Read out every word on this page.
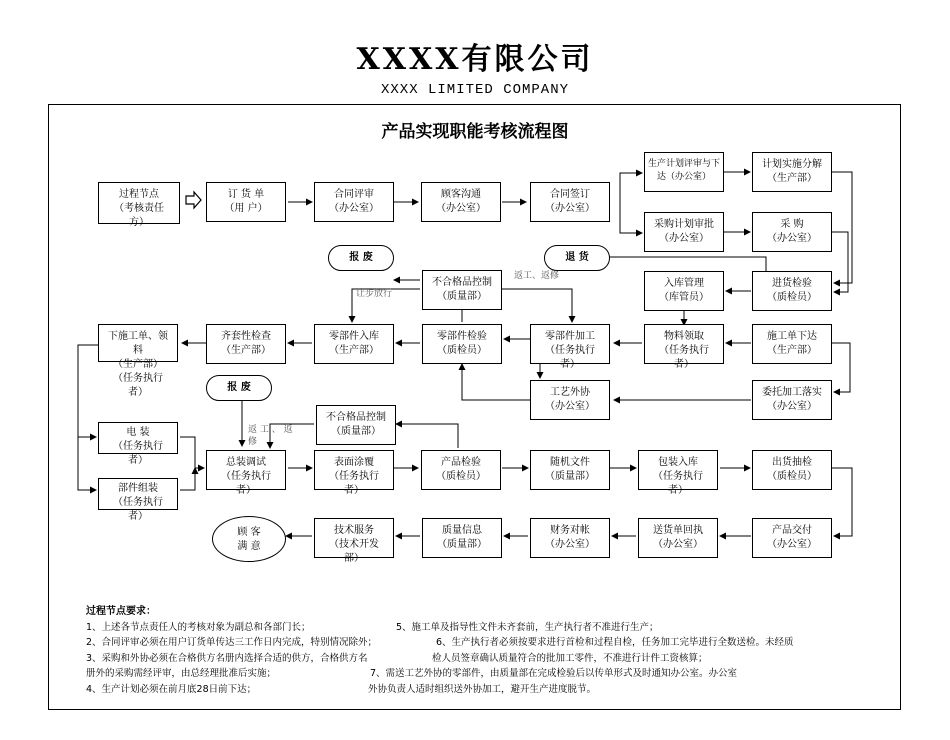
XXXX有限公司
XXXX LIMITED COMPANY
产品实现职能考核流程图
过程节点
（考核责任
方）
订 货 单
（用 户）
合同评审
（办公室）
顾客沟通
（办公室）
合同签订
（办公室）
生产计划评审与下
达（办公室）
计划实施分解
（生产部）
采购计划审批
（办公室）
采 购
（办公室）
报 废	退 货
不合格品控制
（质量部）
入库管理
（库管员）
进货检验
（质检员）
返工、返修
让步放行
下施工单、领
料
（生产部）
（任务执行
者）
齐套性检查
（生产部）
零部件入库
（生产部）
零部件检验
（质检员）
零部件加工
（任务执行
者）
物料领取
（任务执行
者）
施工单下达
（生产部）
工艺外协
（办公室）
委托加工落实
（办公室）
报 废
不合格品控制
（质量部）
返 工 、 返
修
电 装
（任务执行
者）
部件组装
（任务执行
者）
总装调试
（任务执行
者）
表面涂覆
（任务执行
者）
产品检验
（质检员）
随机文件
（质量部）
包装入库
（任务执行
者）
出货抽检
（质检员）
顾 客
满 意
技术服务
（技术开发
部）
质量信息
（质量部）
财务对帐
（办公室）
送货单回执
（办公室）
产品交付
（办公室）
过程节点要求：
1、上述各节点责任人的考核对象为副总和各部门长；	5、施工单及指导性文件未齐套前，生产执行者不准进行生产；
2、合同评审必须在用户订货单传达三工作日内完成，特别情况除外；	6、生产执行者必须按要求进行首检和过程自检，任务加工完毕进行全数送检。未经质
3、采购和外协必须在合格供方名册内选择合适的供方，合格供方名	检人员签章确认质量符合的批加工零件，不准进行计件工资核算；
册外的采购需经评审，由总经理批准后实施；	7、需送工艺外协的零部件，由质量部在完成检验后以传单形式及时通知办公室。办公室
4、生产计划必须在前月底28日前下达；	外协负责人适时组织送外协加工，避开生产进度脱节。
